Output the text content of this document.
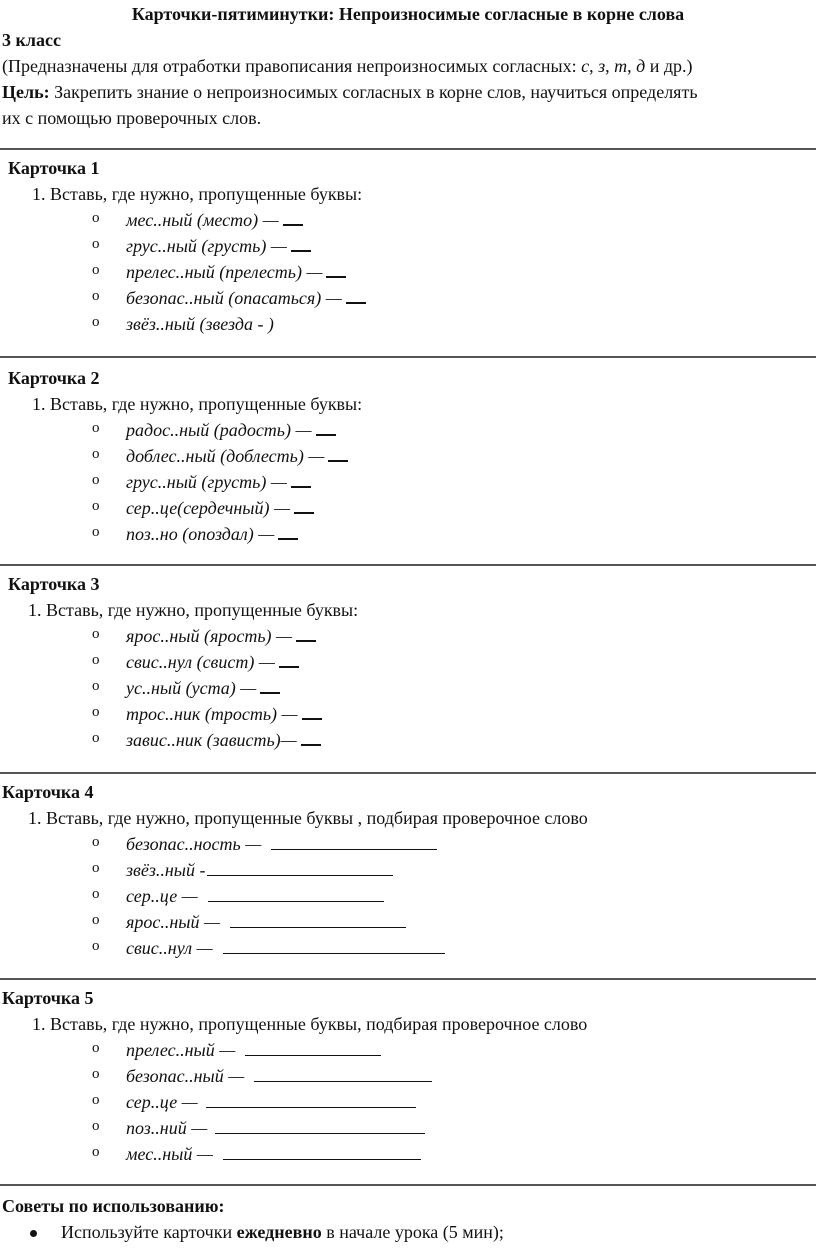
Карточки-пятиминутки: Непроизносимые согласные в корне слова
3 класс
(Предназначены для отработки правописания непроизносимых согласных: с, з, т, д и др.)
Цель: Закрепить знание о непроизносимых согласных в корне слов, научиться определять
их с помощью проверочных слов.
Карточка 1
1. Вставь, где нужно, пропущенные буквы:
o мес..ный (место) —
o грус..ный (грусть) —
o прелес..ный (прелесть) —
o безопас..ный (опасаться) —
o звёз..ный (звезда - )
Карточка 2
1. Вставь, где нужно, пропущенные буквы:
o радос..ный (радость) —
o доблес..ный (доблесть) —
o грус..ный (грусть) —
o сер..це(сердечный) —
o поз..но (опоздал) —
Карточка 3
1. Вставь, где нужно, пропущенные буквы:
o ярос..ный (ярость) —
o свис..нул (свист) —
o ус..ный (уста) —
o трос..ник (трость) —
o завис..ник (зависть)—
Карточка 4
1. Вставь, где нужно, пропущенные буквы , подбирая проверочное слово
o безопас..ность —
o звёз..ный -
o сер..це —
o ярос..ный —
o свис..нул —
Карточка 5
1. Вставь, где нужно, пропущенные буквы, подбирая проверочное слово
o прелес..ный —
o безопас..ный —
o сер..це —
o поз..ний —
o мес..ный —
Советы по использованию:
Используйте карточки ежедневно в начале урока (5 мин);
